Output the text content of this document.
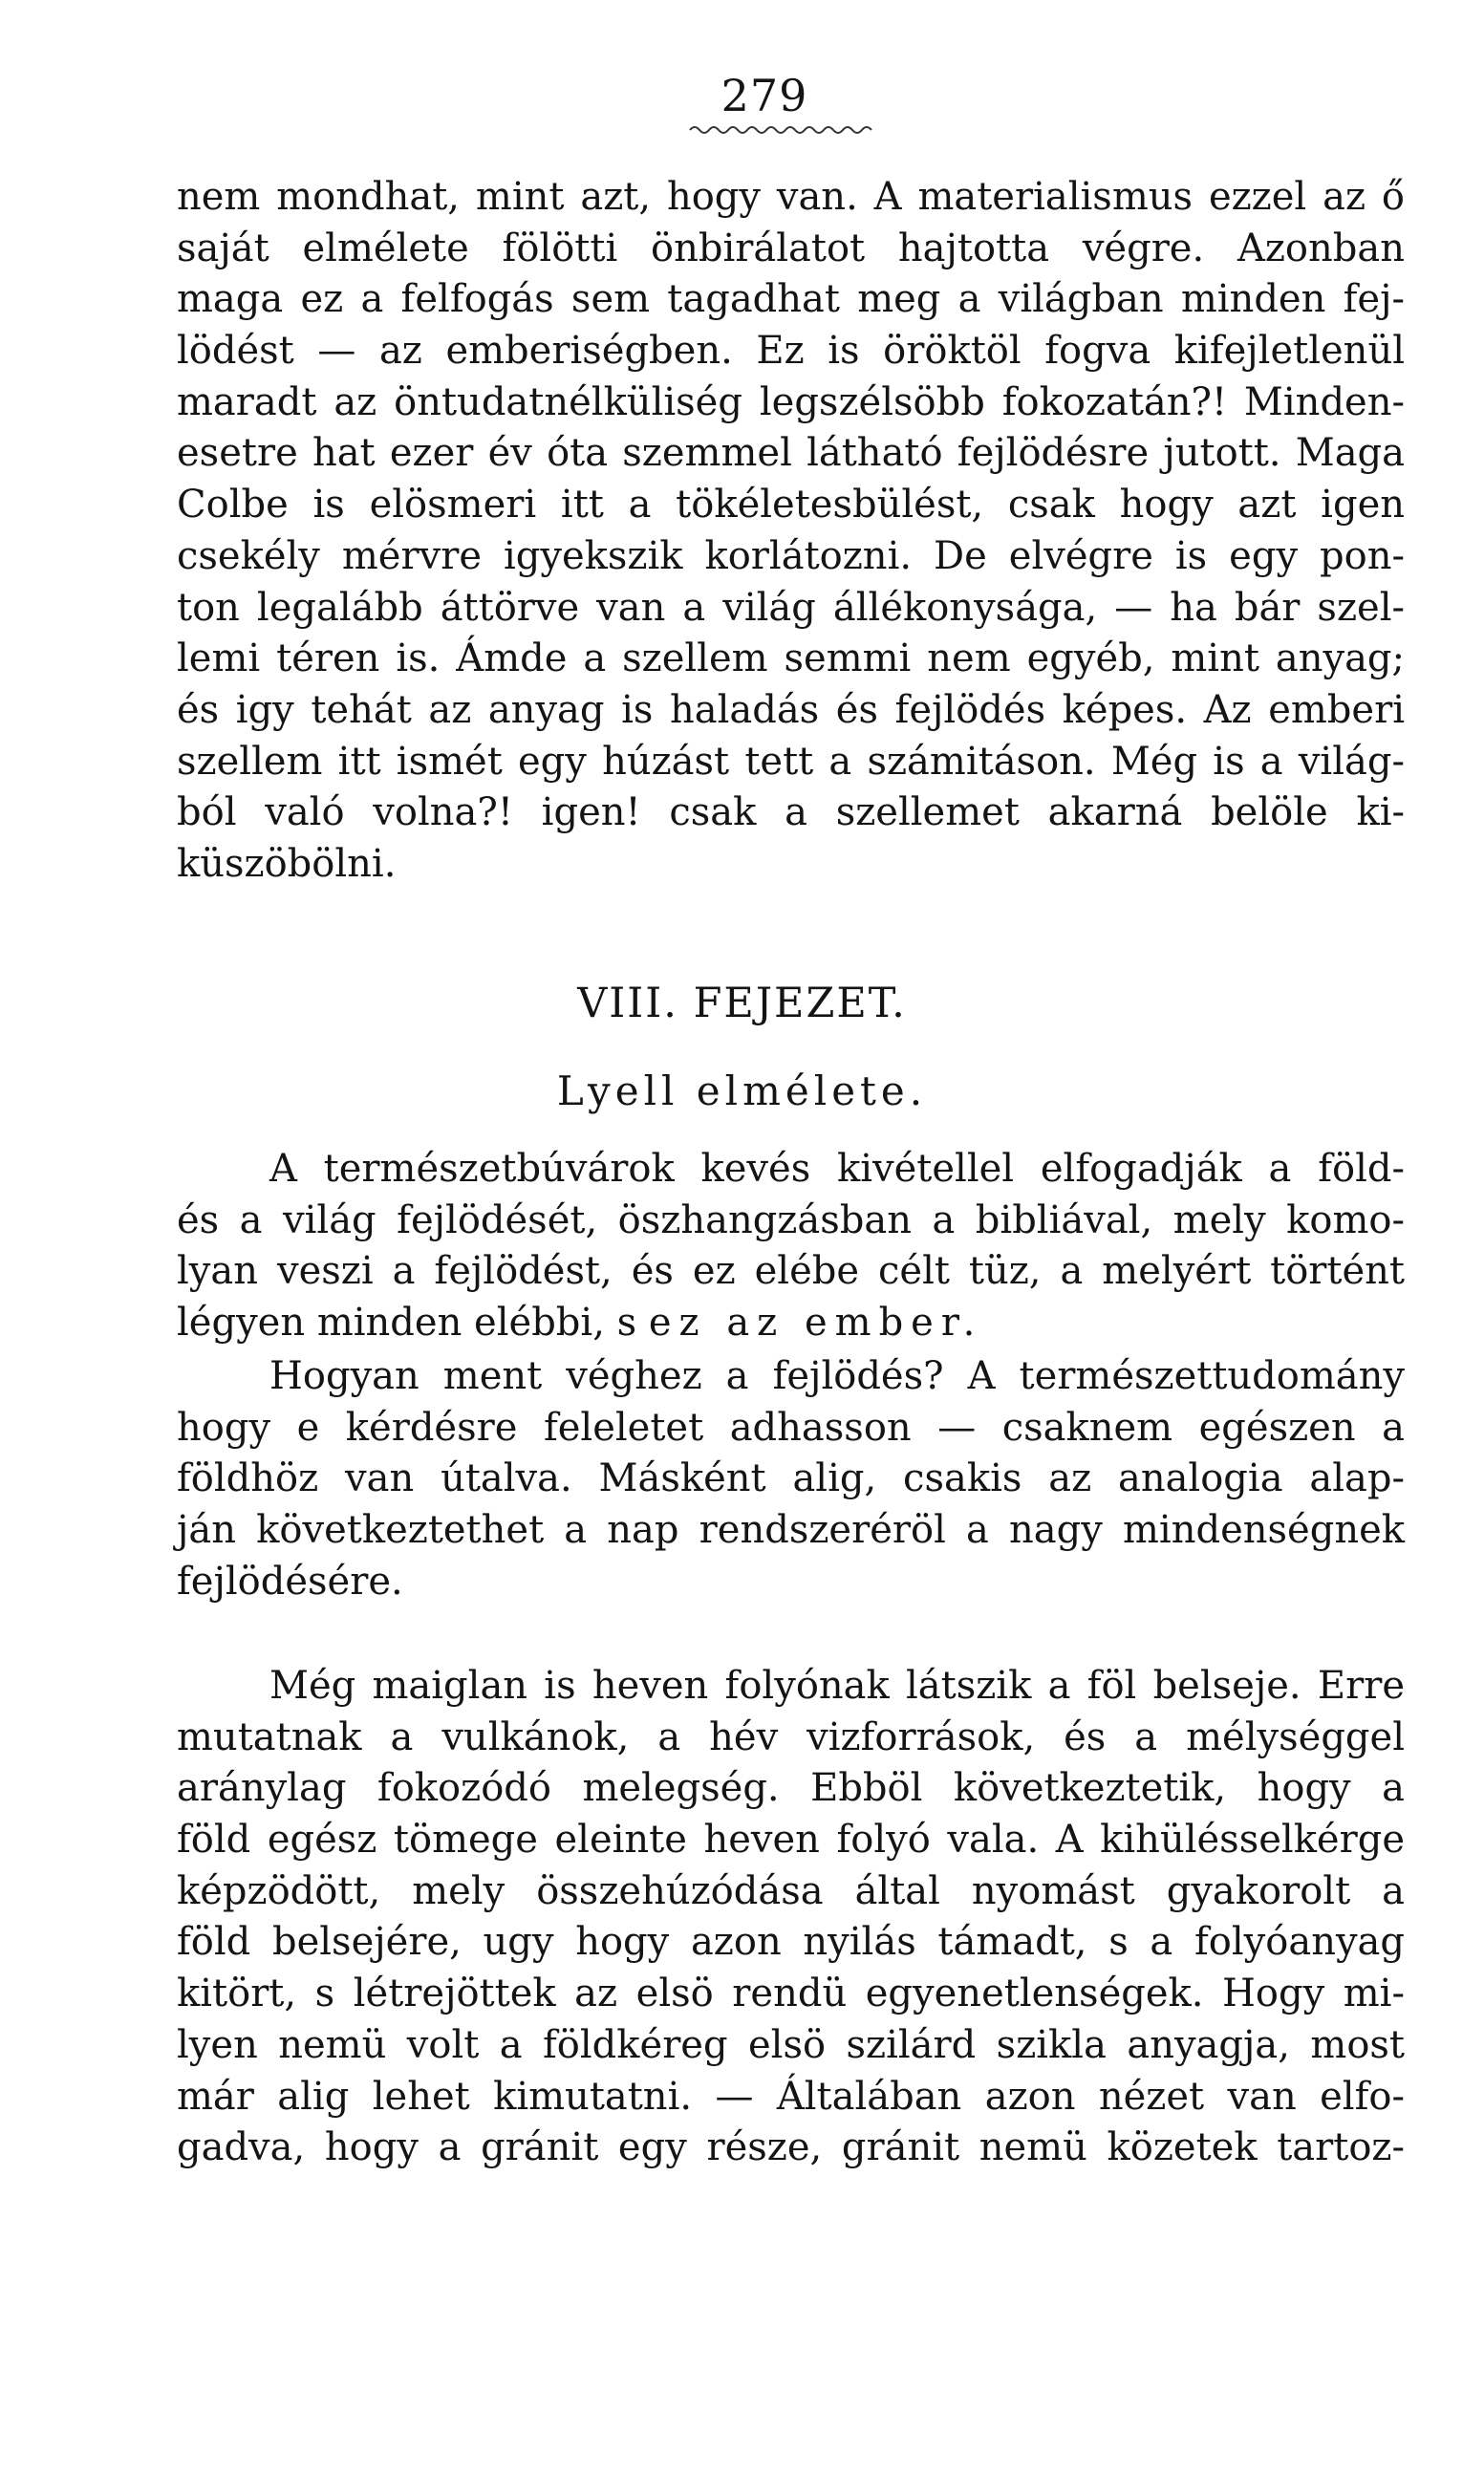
279
nem mondhat, mint azt, hogy van. A materialismus ezzel az ő
saját elmélete fölötti önbirálatot hajtotta végre. Azonban
maga ez a felfogás sem tagadhat meg a világban minden fej-
lödést — az emberiségben. Ez is öröktöl fogva kifejletlenül
maradt az öntudatnélküliség legszélsöbb fokozatán?! Minden-
esetre hat ezer év óta szemmel látható fejlödésre jutott. Maga
Colbe is elösmeri itt a tökéletesbülést, csak hogy azt igen
csekély mérvre igyekszik korlátozni. De elvégre is egy pon-
ton legalább áttörve van a világ állékonysága, — ha bár szel-
lemi téren is. Ámde a szellem semmi nem egyéb, mint anyag;
és igy tehát az anyag is haladás és fejlödés képes. Az emberi
szellem itt ismét egy húzást tett a számitáson. Még is a világ-
ból való volna?! igen! csak a szellemet akarná belöle ki-
küszöbölni.
VIII. FEJEZET.
Lyell elmélete.
A természetbúvárok kevés kivétellel elfogadják a föld-
és a világ fejlödését, öszhangzásban a bibliával, mely komo-
lyan veszi a fejlödést, és ez elébe célt tüz, a melyért történt
légyen minden elébbi, s ez az ember.
Hogyan ment véghez a fejlödés? A természettudomány
hogy e kérdésre feleletet adhasson — csaknem egészen a
földhöz van útalva. Másként alig, csakis az analogia alap-
ján következtethet a nap rendszeréröl a nagy mindenségnek
fejlödésére.
Még maiglan is heven folyónak látszik a föl belseje. Erre
mutatnak a vulkánok, a hév vizforrások, és a mélységgel
aránylag fokozódó melegség. Ebböl következtetik, hogy a
föld egész tömege eleinte heven folyó vala. A kihülésselkérge
képzödött, mely összehúzódása által nyomást gyakorolt a
föld belsejére, ugy hogy azon nyilás támadt, s a folyóanyag
kitört, s létrejöttek az elsö rendü egyenetlenségek. Hogy mi-
lyen nemü volt a földkéreg elsö szilárd szikla anyagja, most
már alig lehet kimutatni. — Általában azon nézet van elfo-
gadva, hogy a gránit egy része, gránit nemü közetek tartoz-
